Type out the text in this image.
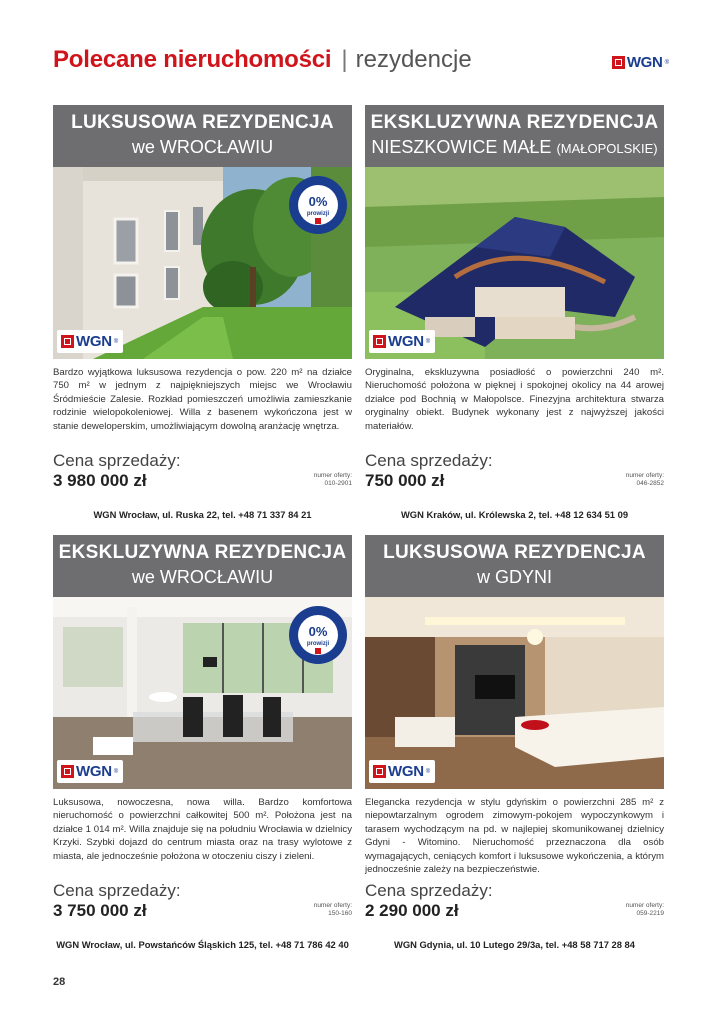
Polecane nieruchomości | rezydencje	WGN ®
LUKSUSOWA REZYDENCJA
we WROCŁAWIU
WGN ®
0%
prowizji
Bardzo wyjątkowa luksusowa rezydencja o pow. 220 m² na działce 750 m² w jednym z najpiękniejszych miejsc we Wrocławiu Śródmieście Zalesie. Rozkład pomieszczeń umożliwia zamieszkanie rodzinie wielopokoleniowej. Willa z basenem wykończona jest w stanie deweloperskim, umożliwiającym dowolną aranżację wnętrza.
Cena sprzedaży:
3 980 000 zł	numer oferty:
010-2901
WGN Wrocław, ul. Ruska 22, tel. +48 71 337 84 21
EKSKLUZYWNA REZYDENCJA
NIESZKOWICE MAŁE (MAŁOPOLSKIE)
WGN ®
Oryginalna, ekskluzywna posiadłość o powierzchni 240 m². Nieruchomość położona w pięknej i spokojnej okolicy na 44 arowej działce pod Bochnią w Małopolsce. Finezyjna architektura stwarza oryginalny obiekt. Budynek wykonany jest z najwyższej jakości materiałów.
Cena sprzedaży:
750 000 zł	numer oferty:
046-2852
WGN Kraków, ul. Królewska 2, tel. +48 12 634 51 09
EKSKLUZYWNA REZYDENCJA
we WROCŁAWIU
WGN ®
0%
prowizji
Luksusowa, nowoczesna, nowa willa. Bardzo komfortowa nieruchomość o powierzchni całkowitej 500 m². Położona jest na działce 1 014 m². Willa znajduje się na południu Wrocławia w dzielnicy Krzyki. Szybki dojazd do centrum miasta oraz na trasy wylotowe z miasta, ale jednocześnie położona w otoczeniu ciszy i zieleni.
Cena sprzedaży:
3 750 000 zł	numer oferty:
150-160
WGN Wrocław, ul. Powstańców Śląskich 125, tel. +48 71 786 42 40
LUKSUSOWA REZYDENCJA
w GDYNI
WGN ®
Elegancka rezydencja w stylu gdyńskim o powierzchni 285 m² z niepowtarzalnym ogrodem zimowym-pokojem wypoczynkowym i tarasem wychodzącym na pd. w najlepiej skomunikowanej dzielnicy Gdyni - Witomino. Nieruchomość przeznaczona dla osób wymagających, ceniących komfort i luksusowe wykończenia, a którym jednocześnie zależy na bezpieczeństwie.
Cena sprzedaży:
2 290 000 zł	numer oferty:
059-2219
WGN Gdynia, ul. 10 Lutego 29/3a, tel. +48 58 717 28 84
28
